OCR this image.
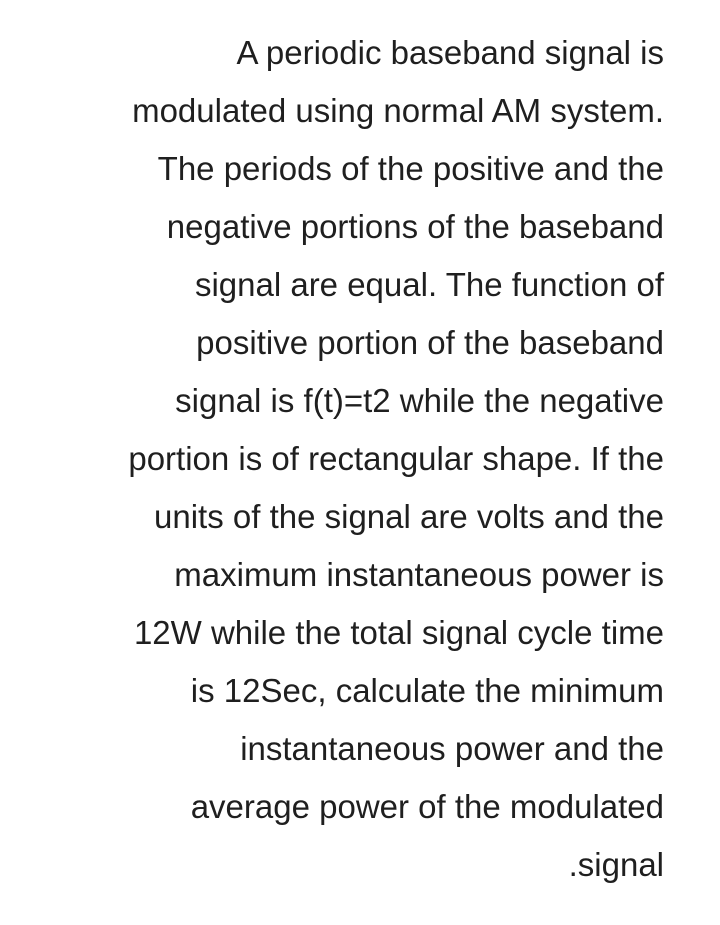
A periodic baseband signal is
modulated using normal AM system.
The periods of the positive and the
negative portions of the baseband
signal are equal. The function of
positive portion of the baseband
signal is f(t)=t2 while the negative
portion is of rectangular shape. If the
units of the signal are volts and the
maximum instantaneous power is
12W while the total signal cycle time
is 12Sec, calculate the minimum
instantaneous power and the
average power of the modulated
.signal
